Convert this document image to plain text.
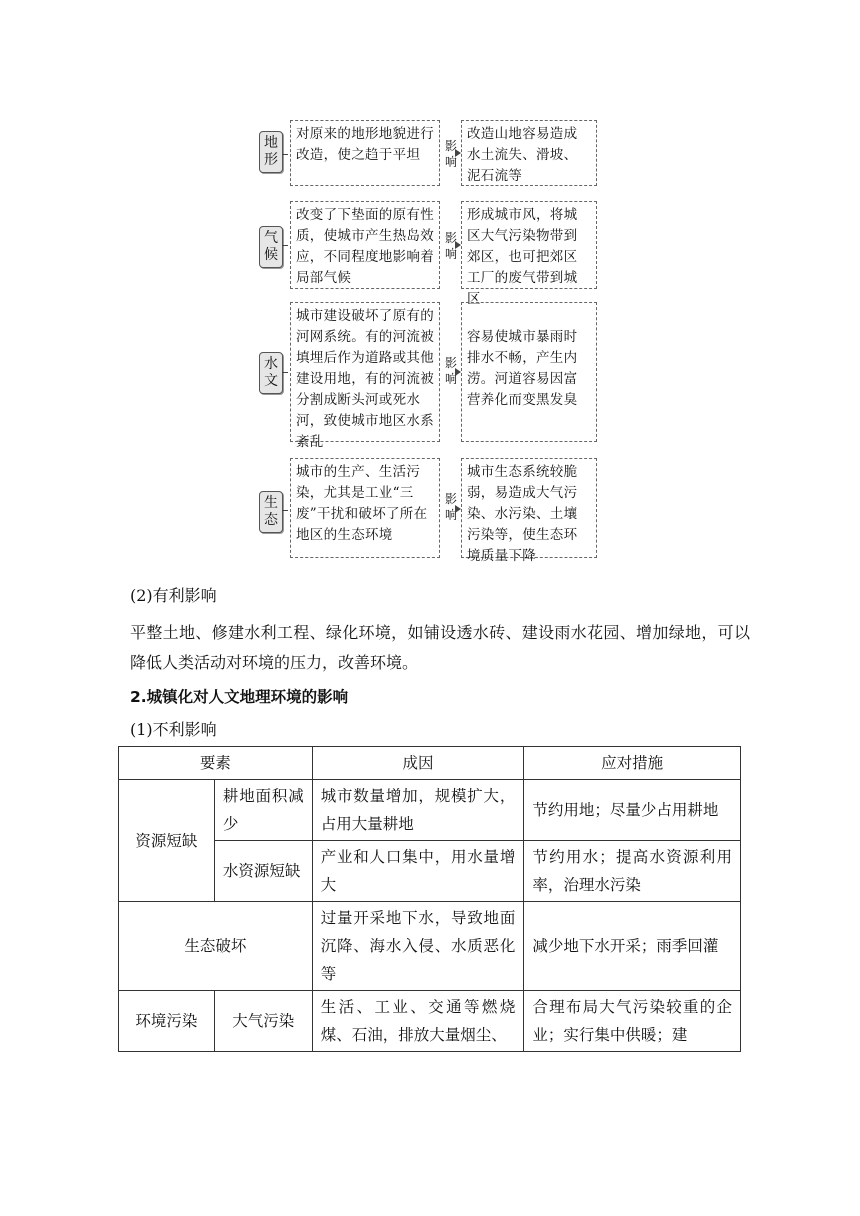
地
形
对原来的地形地貌进行改造，使之趋于平坦
影
响
改造山地容易造成水土流失、滑坡、泥石流等
气
候
改变了下垫面的原有性质，使城市产生热岛效应，不同程度地影响着局部气候
影
响
形成城市风，将城区大气污染物带到郊区，也可把郊区工厂的废气带到城区
水
文
城市建设破坏了原有的河网系统。有的河流被填埋后作为道路或其他建设用地，有的河流被分割成断头河或死水河，致使城市地区水系紊乱
影
响
容易使城市暴雨时排水不畅，产生内涝。河道容易因富营养化而变黑发臭
生
态
城市的生产、生活污染，尤其是工业“三废”干扰和破坏了所在地区的生态环境
影
响
城市生态系统较脆弱，易造成大气污染、水污染、土壤污染等，使生态环境质量下降
(2)有利影响
平整土地、修建水利工程、绿化环境，如铺设透水砖、建设雨水花园、增加绿地，可以降低人类活动对环境的压力，改善环境。
2.城镇化对人文地理环境的影响
(1)不利影响
要素		成因	应对措施
资源短缺	耕地面积减少	城市数量增加，规模扩大，占用大量耕地	节约用地；尽量少占用耕地
	水资源短缺	产业和人口集中，用水量增大	节约用水；提高水资源利用率，治理水污染
生态破坏		过量开采地下水，导致地面沉降、海水入侵、水质恶化等	减少地下水开采；雨季回灌
环境污染	大气污染	生活、工业、交通等燃烧煤、石油，排放大量烟尘、	合理布局大气污染较重的企业；实行集中供暖；建
